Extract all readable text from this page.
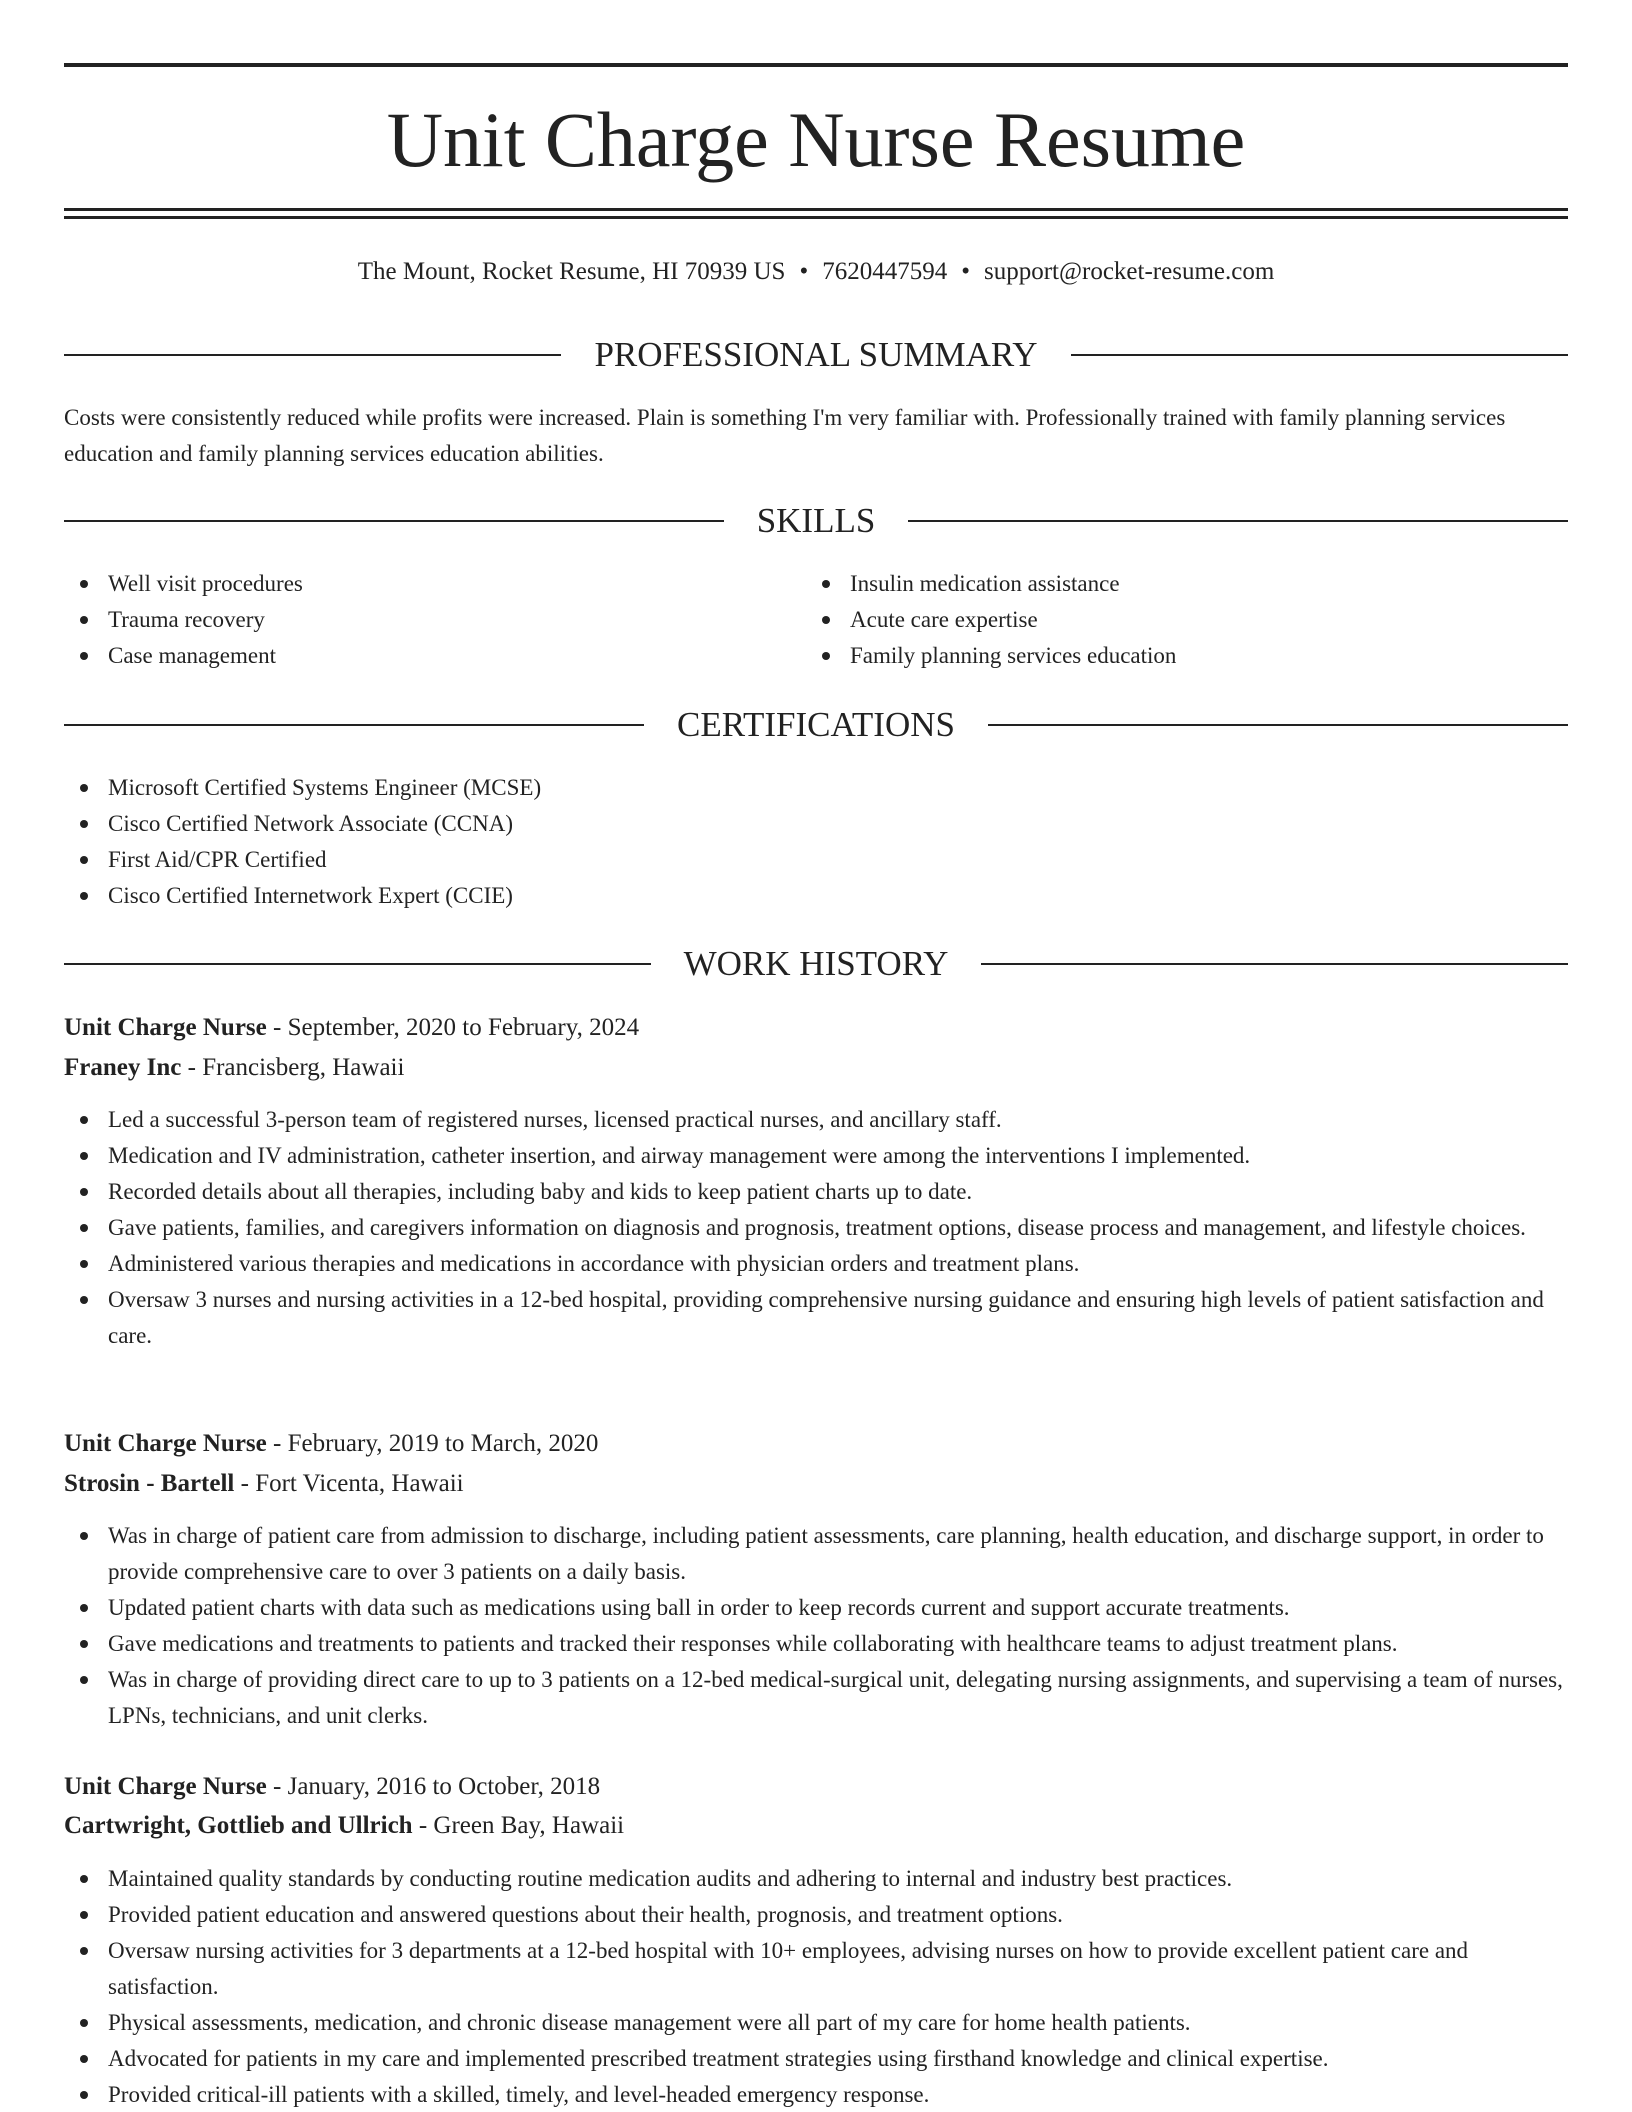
Unit Charge Nurse Resume
The Mount, Rocket Resume, HI 70939 US • 7620447594 • support@rocket-resume.com
PROFESSIONAL SUMMARY

Costs were consistently reduced while profits were increased. Plain is something I'm very familiar with. Professionally trained with family planning services education and family planning services education abilities.

SKILLS
Well visit procedures
Trauma recovery
Case management
Insulin medication assistance
Acute care expertise
Family planning services education
CERTIFICATIONS
Microsoft Certified Systems Engineer (MCSE)
Cisco Certified Network Associate (CCNA)
First Aid/CPR Certified
Cisco Certified Internetwork Expert (CCIE)
WORK HISTORY
Unit Charge Nurse - September, 2020 to February, 2024
Franey Inc - Francisberg, Hawaii
Led a successful 3-person team of registered nurses, licensed practical nurses, and ancillary staff.
Medication and IV administration, catheter insertion, and airway management were among the interventions I implemented.
Recorded details about all therapies, including baby and kids to keep patient charts up to date.
Gave patients, families, and caregivers information on diagnosis and prognosis, treatment options, disease process and management, and lifestyle choices.
Administered various therapies and medications in accordance with physician orders and treatment plans.
Oversaw 3 nurses and nursing activities in a 12-bed hospital, providing comprehensive nursing guidance and ensuring high levels of patient satisfaction and care.
Unit Charge Nurse - February, 2019 to March, 2020
Strosin - Bartell - Fort Vicenta, Hawaii
Was in charge of patient care from admission to discharge, including patient assessments, care planning, health education, and discharge support, in order to provide comprehensive care to over 3 patients on a daily basis.
Updated patient charts with data such as medications using ball in order to keep records current and support accurate treatments.
Gave medications and treatments to patients and tracked their responses while collaborating with healthcare teams to adjust treatment plans.
Was in charge of providing direct care to up to 3 patients on a 12-bed medical-surgical unit, delegating nursing assignments, and supervising a team of nurses, LPNs, technicians, and unit clerks.
Unit Charge Nurse - January, 2016 to October, 2018
Cartwright, Gottlieb and Ullrich - Green Bay, Hawaii
Maintained quality standards by conducting routine medication audits and adhering to internal and industry best practices.
Provided patient education and answered questions about their health, prognosis, and treatment options.
Oversaw nursing activities for 3 departments at a 12-bed hospital with 10+ employees, advising nurses on how to provide excellent patient care and satisfaction.
Physical assessments, medication, and chronic disease management were all part of my care for home health patients.
Advocated for patients in my care and implemented prescribed treatment strategies using firsthand knowledge and clinical expertise.
Provided critical-ill patients with a skilled, timely, and level-headed emergency response.
